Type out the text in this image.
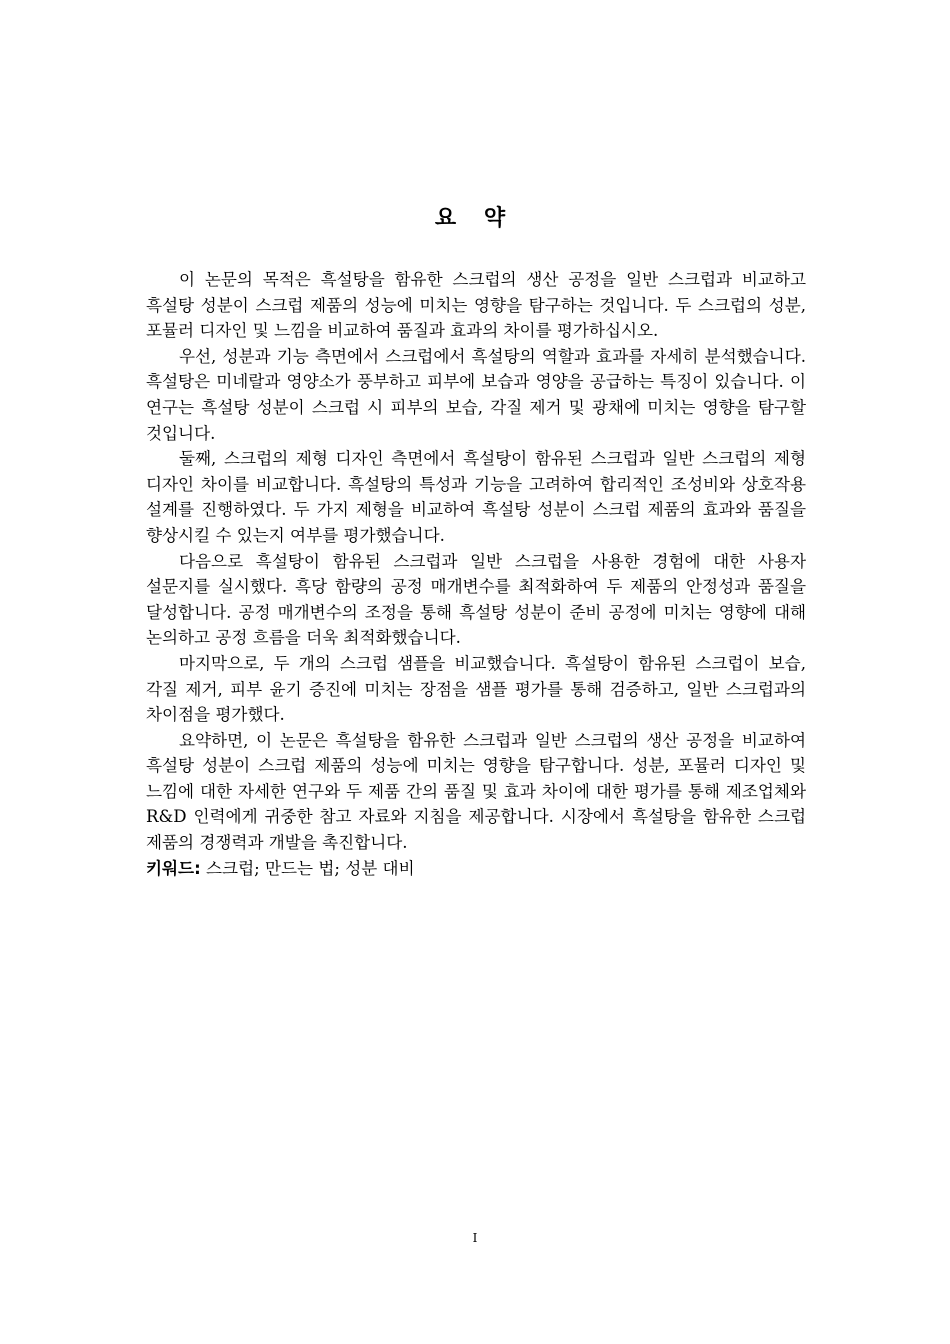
요 약

이 논문의 목적은 흑설탕을 함유한 스크럽의 생산 공정을 일반 스크럽과 비교하고 흑설탕 성분이 스크럽 제품의 성능에 미치는 영향을 탐구하는 것입니다. 두 스크럽의 성분, 포뮬러 디자인 및 느낌을 비교하여 품질과 효과의 차이를 평가하십시오.

우선, 성분과 기능 측면에서 스크럽에서 흑설탕의 역할과 효과를 자세히 분석했습니다. 흑설탕은 미네랄과 영양소가 풍부하고 피부에 보습과 영양을 공급하는 특징이 있습니다. 이 연구는 흑설탕 성분이 스크럽 시 피부의 보습, 각질 제거 및 광채에 미치는 영향을 탐구할 것입니다.

둘째, 스크럽의 제형 디자인 측면에서 흑설탕이 함유된 스크럽과 일반 스크럽의 제형 디자인 차이를 비교합니다. 흑설탕의 특성과 기능을 고려하여 합리적인 조성비와 상호작용 설계를 진행하였다. 두 가지 제형을 비교하여 흑설탕 성분이 스크럽 제품의 효과와 품질을 향상시킬 수 있는지 여부를 평가했습니다.

다음으로 흑설탕이 함유된 스크럽과 일반 스크럽을 사용한 경험에 대한 사용자 설문지를 실시했다. 흑당 함량의 공정 매개변수를 최적화하여 두 제품의 안정성과 품질을 달성합니다. 공정 매개변수의 조정을 통해 흑설탕 성분이 준비 공정에 미치는 영향에 대해 논의하고 공정 흐름을 더욱 최적화했습니다.

마지막으로, 두 개의 스크럽 샘플을 비교했습니다. 흑설탕이 함유된 스크럽이 보습, 각질 제거, 피부 윤기 증진에 미치는 장점을 샘플 평가를 통해 검증하고, 일반 스크럽과의 차이점을 평가했다.

요약하면, 이 논문은 흑설탕을 함유한 스크럽과 일반 스크럽의 생산 공정을 비교하여 흑설탕 성분이 스크럽 제품의 성능에 미치는 영향을 탐구합니다. 성분, 포뮬러 디자인 및 느낌에 대한 자세한 연구와 두 제품 간의 품질 및 효과 차이에 대한 평가를 통해 제조업체와 R&D 인력에게 귀중한 참고 자료와 지침을 제공합니다. 시장에서 흑설탕을 함유한 스크럽 제품의 경쟁력과 개발을 촉진합니다.

키워드: 스크럽; 만드는 법; 성분 대비

I
